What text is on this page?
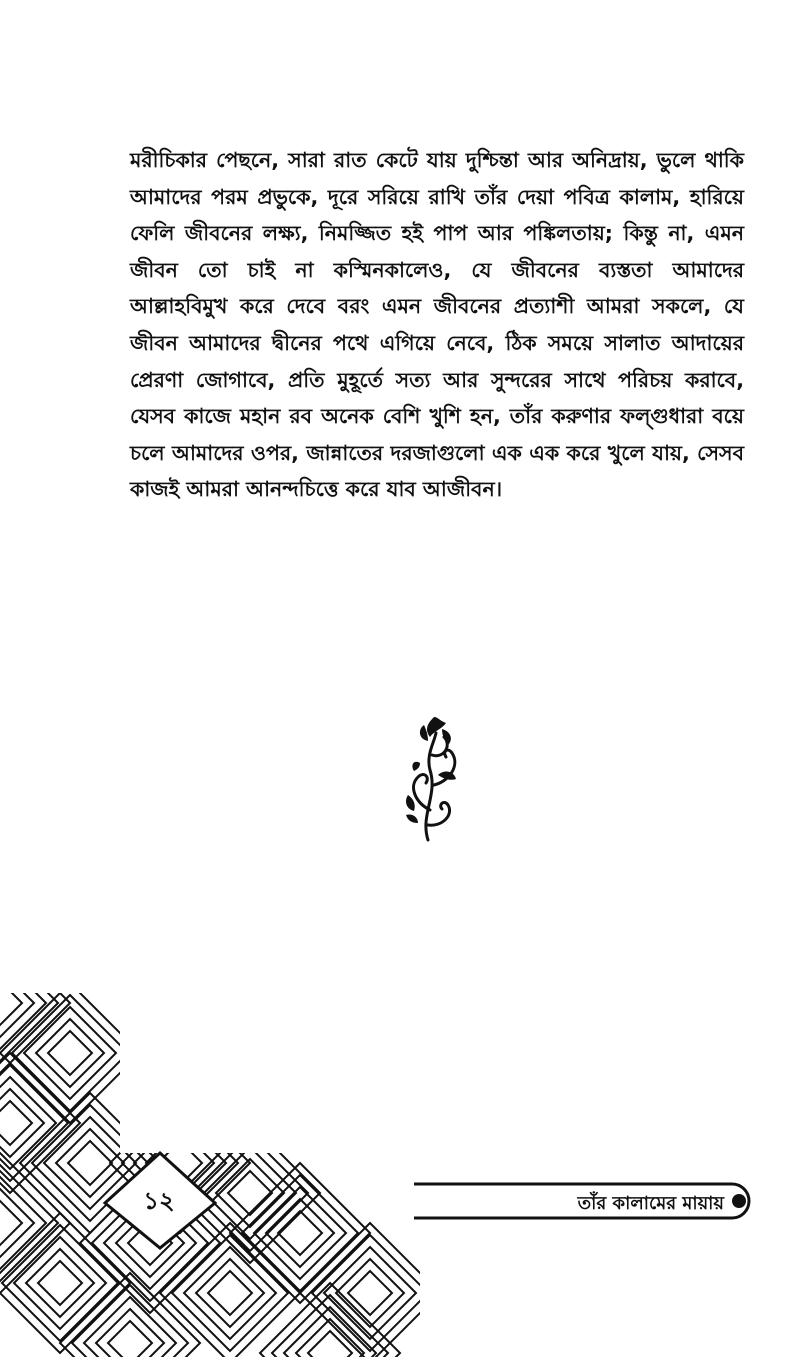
মরীচিকার পেছনে, সারা রাত কেটে যায় দুশ্চিন্তা আর অনিদ্রায়, ভুলে থাকি আমাদের পরম প্রভুকে, দূরে সরিয়ে রাখি তাঁর দেয়া পবিত্র কালাম, হারিয়ে ফেলি জীবনের লক্ষ্য, নিমজ্জিত হই পাপ আর পঙ্কিলতায়; কিন্তু না, এমন জীবন তো চাই না কস্মিনকালেও, যে জীবনের ব্যস্ততা আমাদের আল্লাহবিমুখ করে দেবে বরং এমন জীবনের প্রত্যাশী আমরা সকলে, যে জীবন আমাদের দ্বীনের পথে এগিয়ে নেবে, ঠিক সময়ে সালাত আদায়ের প্রেরণা জোগাবে, প্রতি মুহূর্তে সত্য আর সুন্দরের সাথে পরিচয় করাবে, যেসব কাজে মহান রব অনেক বেশি খুশি হন, তাঁর করুণার ফল্গুধারা বয়ে চলে আমাদের ওপর, জান্নাতের দরজাগুলো এক এক করে খুলে যায়, সেসব কাজই আমরা আনন্দচিত্তে করে যাব আজীবন।

১২	তাঁর কালামের মায়ায়
